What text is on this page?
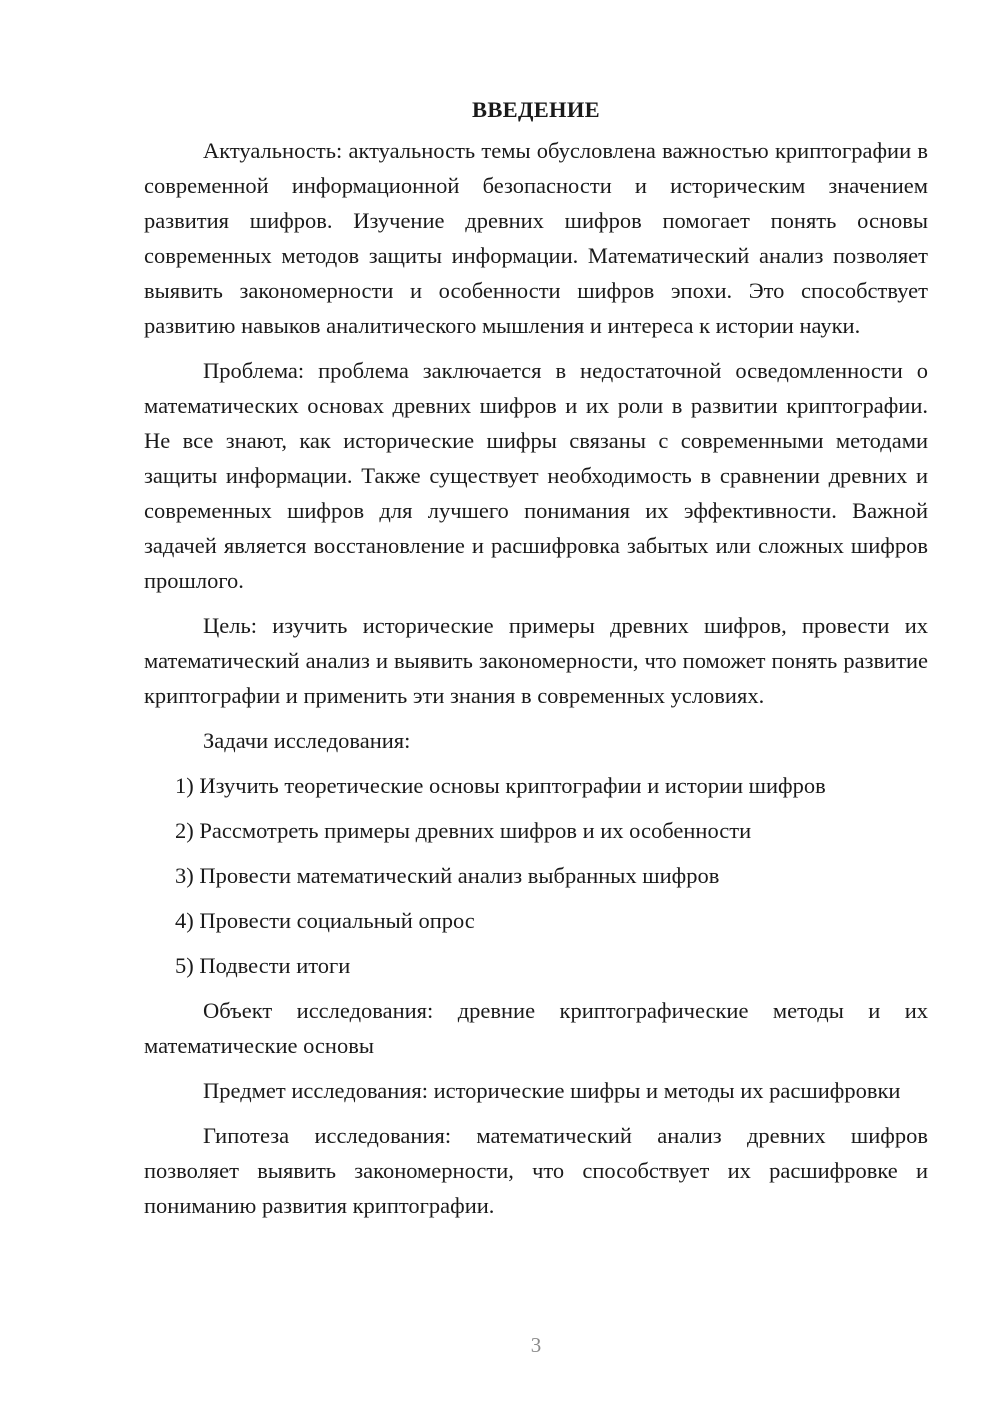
ВВЕДЕНИЕ

Актуальность: актуальность темы обусловлена важностью криптографии в современной информационной безопасности и историческим значением развития шифров. Изучение древних шифров помогает понять основы современных методов защиты информации. Математический анализ позволяет выявить закономерности и особенности шифров эпохи. Это способствует развитию навыков аналитического мышления и интереса к истории науки.

Проблема: проблема заключается в недостаточной осведомленности о математических основах древних шифров и их роли в развитии криптографии. Не все знают, как исторические шифры связаны с современными методами защиты информации. Также существует необходимость в сравнении древних и современных шифров для лучшего понимания их эффективности. Важной задачей является восстановление и расшифровка забытых или сложных шифров прошлого.

Цель: изучить исторические примеры древних шифров, провести их математический анализ и выявить закономерности, что поможет понять развитие криптографии и применить эти знания в современных условиях.

Задачи исследования:
1) Изучить теоретические основы криптографии и истории шифров
2) Рассмотреть примеры древних шифров и их особенности
3) Провести математический анализ выбранных шифров
4) Провести социальный опрос
5) Подвести итоги

Объект исследования: древние криптографические методы и их математические основы

Предмет исследования: исторические шифры и методы их расшифровки

Гипотеза исследования: математический анализ древних шифров позволяет выявить закономерности, что способствует их расшифровке и пониманию развития криптографии.

3
